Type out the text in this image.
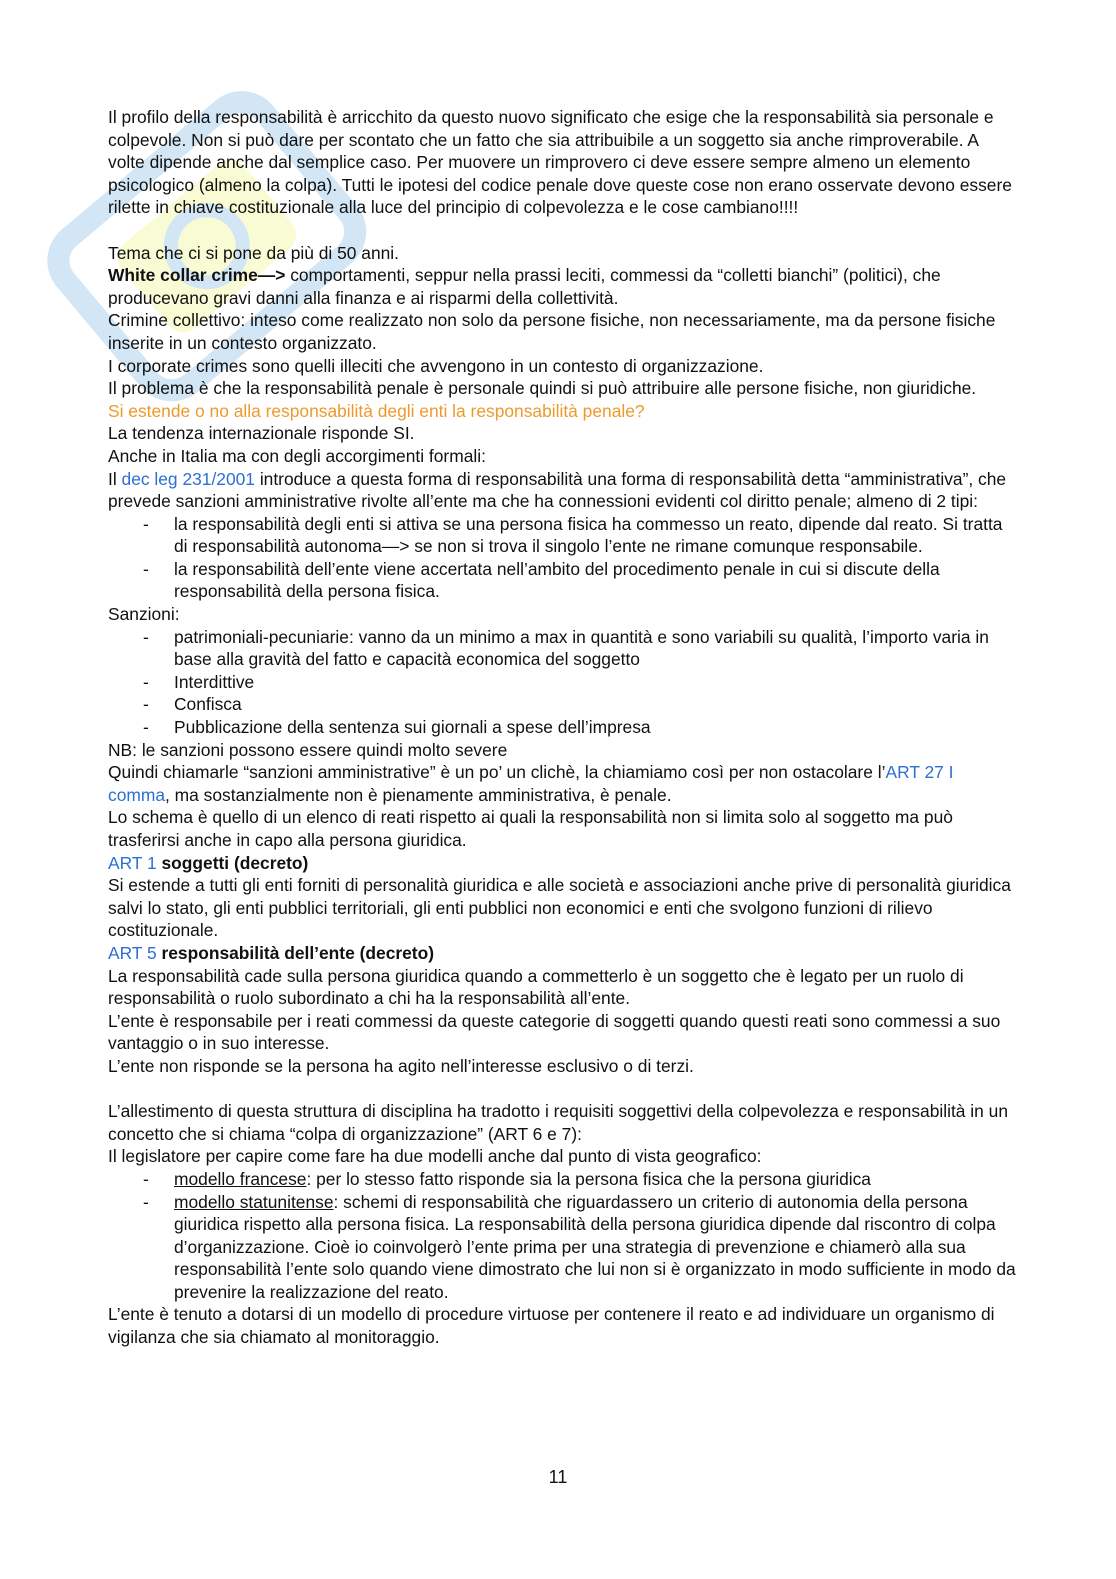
Il profilo della responsabilità è arricchito da questo nuovo significato che esige che la responsabilità sia personale e colpevole. Non si può dare per scontato che un fatto che sia attribuibile a un soggetto sia anche rimproverabile. A volte dipende anche dal semplice caso. Per muovere un rimprovero ci deve essere sempre almeno un elemento psicologico (almeno la colpa). Tutti le ipotesi del codice penale dove queste cose non erano osservate devono essere rilette in chiave costituzionale alla luce del principio di colpevolezza e le cose cambiano!!!!

Tema che ci si pone da più di 50 anni.

White collar crime—> comportamenti, seppur nella prassi leciti, commessi da “colletti bianchi” (politici), che producevano gravi danni alla finanza e ai risparmi della collettività.

Crimine collettivo: inteso come realizzato non solo da persone fisiche, non necessariamente, ma da persone fisiche inserite in un contesto organizzato.

I corporate crimes sono quelli illeciti che avvengono in un contesto di organizzazione.

Il problema è che la responsabilità penale è personale quindi si può attribuire alle persone fisiche, non giuridiche.

Si estende o no alla responsabilità degli enti la responsabilità penale?

La tendenza internazionale risponde SI.

Anche in Italia ma con degli accorgimenti formali:

Il dec leg 231/2001 introduce a questa forma di responsabilità una forma di responsabilità detta “amministrativa”, che prevede sanzioni amministrative rivolte all’ente ma che ha connessioni evidenti col diritto penale; almeno di 2 tipi:

- la responsabilità degli enti si attiva se una persona fisica ha commesso un reato, dipende dal reato. Si tratta di responsabilità autonoma—> se non si trova il singolo l’ente ne rimane comunque responsabile.
- la responsabilità dell’ente viene accertata nell’ambito del procedimento penale in cui si discute della responsabilità della persona fisica.

Sanzioni:

- patrimoniali-pecuniarie: vanno da un minimo a max in quantità e sono variabili su qualità, l’importo varia in base alla gravità del fatto e capacità economica del soggetto
- Interdittive
- Confisca
- Pubblicazione della sentenza sui giornali a spese dell’impresa

NB: le sanzioni possono essere quindi molto severe

Quindi chiamarle “sanzioni amministrative” è un po’ un clichè, la chiamiamo così per non ostacolare l’ART 27 I comma, ma sostanzialmente non è pienamente amministrativa, è penale.

Lo schema è quello di un elenco di reati rispetto ai quali la responsabilità non si limita solo al soggetto ma può trasferirsi anche in capo alla persona giuridica.

ART 1 soggetti (decreto)

Si estende a tutti gli enti forniti di personalità giuridica e alle società e associazioni anche prive di personalità giuridica salvi lo stato, gli enti pubblici territoriali, gli enti pubblici non economici e enti che svolgono funzioni di rilievo costituzionale.

ART 5 responsabilità dell’ente (decreto)

La responsabilità cade sulla persona giuridica quando a commetterlo è un soggetto che è legato per un ruolo di responsabilità o ruolo subordinato a chi ha la responsabilità all’ente.

L’ente è responsabile per i reati commessi da queste categorie di soggetti quando questi reati sono commessi a suo vantaggio o in suo interesse.

L’ente non risponde se la persona ha agito nell’interesse esclusivo o di terzi.

L’allestimento di questa struttura di disciplina ha tradotto i requisiti soggettivi della colpevolezza e responsabilità in un concetto che si chiama “colpa di organizzazione” (ART 6 e 7):

Il legislatore per capire come fare ha due modelli anche dal punto di vista geografico:

- modello francese: per lo stesso fatto risponde sia la persona fisica che la persona giuridica
- modello statunitense: schemi di responsabilità che riguardassero un criterio di autonomia della persona giuridica rispetto alla persona fisica. La responsabilità della persona giuridica dipende dal riscontro di colpa d’organizzazione. Cioè io coinvolgerò l’ente prima per una strategia di prevenzione e chiamerò alla sua responsabilità l’ente solo quando viene dimostrato che lui non si è organizzato in modo sufficiente in modo da prevenire la realizzazione del reato.

L’ente è tenuto a dotarsi di un modello di procedure virtuose per contenere il reato e ad individuare un organismo di vigilanza che sia chiamato al monitoraggio.

11
